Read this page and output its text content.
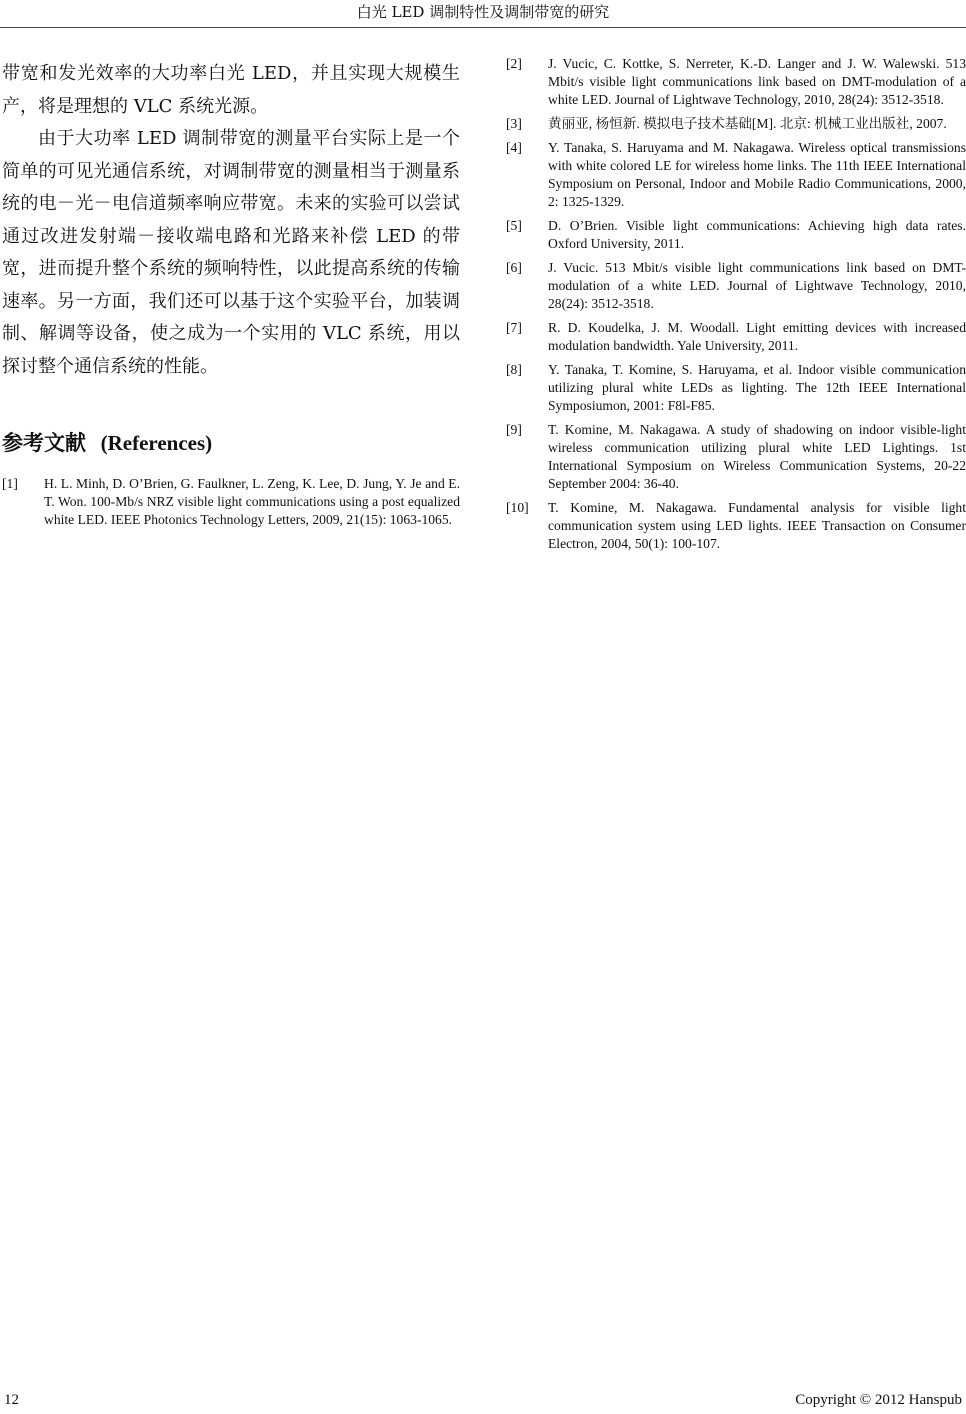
白光 LED 调制特性及调制带宽的研究

带宽和发光效率的大功率白光 LED，并且实现大规模生产，将是理想的 VLC 系统光源。

由于大功率 LED 调制带宽的测量平台实际上是一个简单的可见光通信系统，对调制带宽的测量相当于测量系统的电－光－电信道频率响应带宽。未来的实验可以尝试通过改进发射端－接收端电路和光路来补偿 LED 的带宽，进而提升整个系统的频响特性，以此提高系统的传输速率。另一方面，我们还可以基于这个实验平台，加装调制、解调等设备，使之成为一个实用的 VLC 系统，用以探讨整个通信系统的性能。

参考文献 (References)
[1]	H. L. Minh, D. O’Brien, G. Faulkner, L. Zeng, K. Lee, D. Jung, Y. Je and E. T. Won. 100-Mb/s NRZ visible light communications using a post equalized white LED. IEEE Photonics Technology Letters, 2009, 21(15): 1063-1065.
[2]	J. Vucic, C. Kottke, S. Nerreter, K.-D. Langer and J. W. Walewski. 513 Mbit/s visible light communications link based on DMT-modulation of a white LED. Journal of Lightwave Technology, 2010, 28(24): 3512-3518.
[3]	黄丽亚, 杨恒新. 模拟电子技术基础[M]. 北京: 机械工业出版社, 2007.
[4]	Y. Tanaka, S. Haruyama and M. Nakagawa. Wireless optical transmissions with white colored LE for wireless home links. The 11th IEEE International Symposium on Personal, Indoor and Mobile Radio Communications, 2000, 2: 1325-1329.
[5]	D. O’Brien. Visible light communications: Achieving high data rates. Oxford University, 2011.
[6]	J. Vucic. 513 Mbit/s visible light communications link based on DMT-modulation of a white LED. Journal of Lightwave Technology, 2010, 28(24): 3512-3518.
[7]	R. D. Koudelka, J. M. Woodall. Light emitting devices with increased modulation bandwidth. Yale University, 2011.
[8]	Y. Tanaka, T. Komine, S. Haruyama, et al. Indoor visible communication utilizing plural white LEDs as lighting. The 12th IEEE International Symposiumon, 2001: F8l-F85.
[9]	T. Komine, M. Nakagawa. A study of shadowing on indoor visible-light wireless communication utilizing plural white LED Lightings. 1st International Symposium on Wireless Communication Systems, 20-22 September 2004: 36-40.
[10]	T. Komine, M. Nakagawa. Fundamental analysis for visible light communication system using LED lights. IEEE Transaction on Consumer Electron, 2004, 50(1): 100-107.
12	Copyright © 2012 Hanspub
